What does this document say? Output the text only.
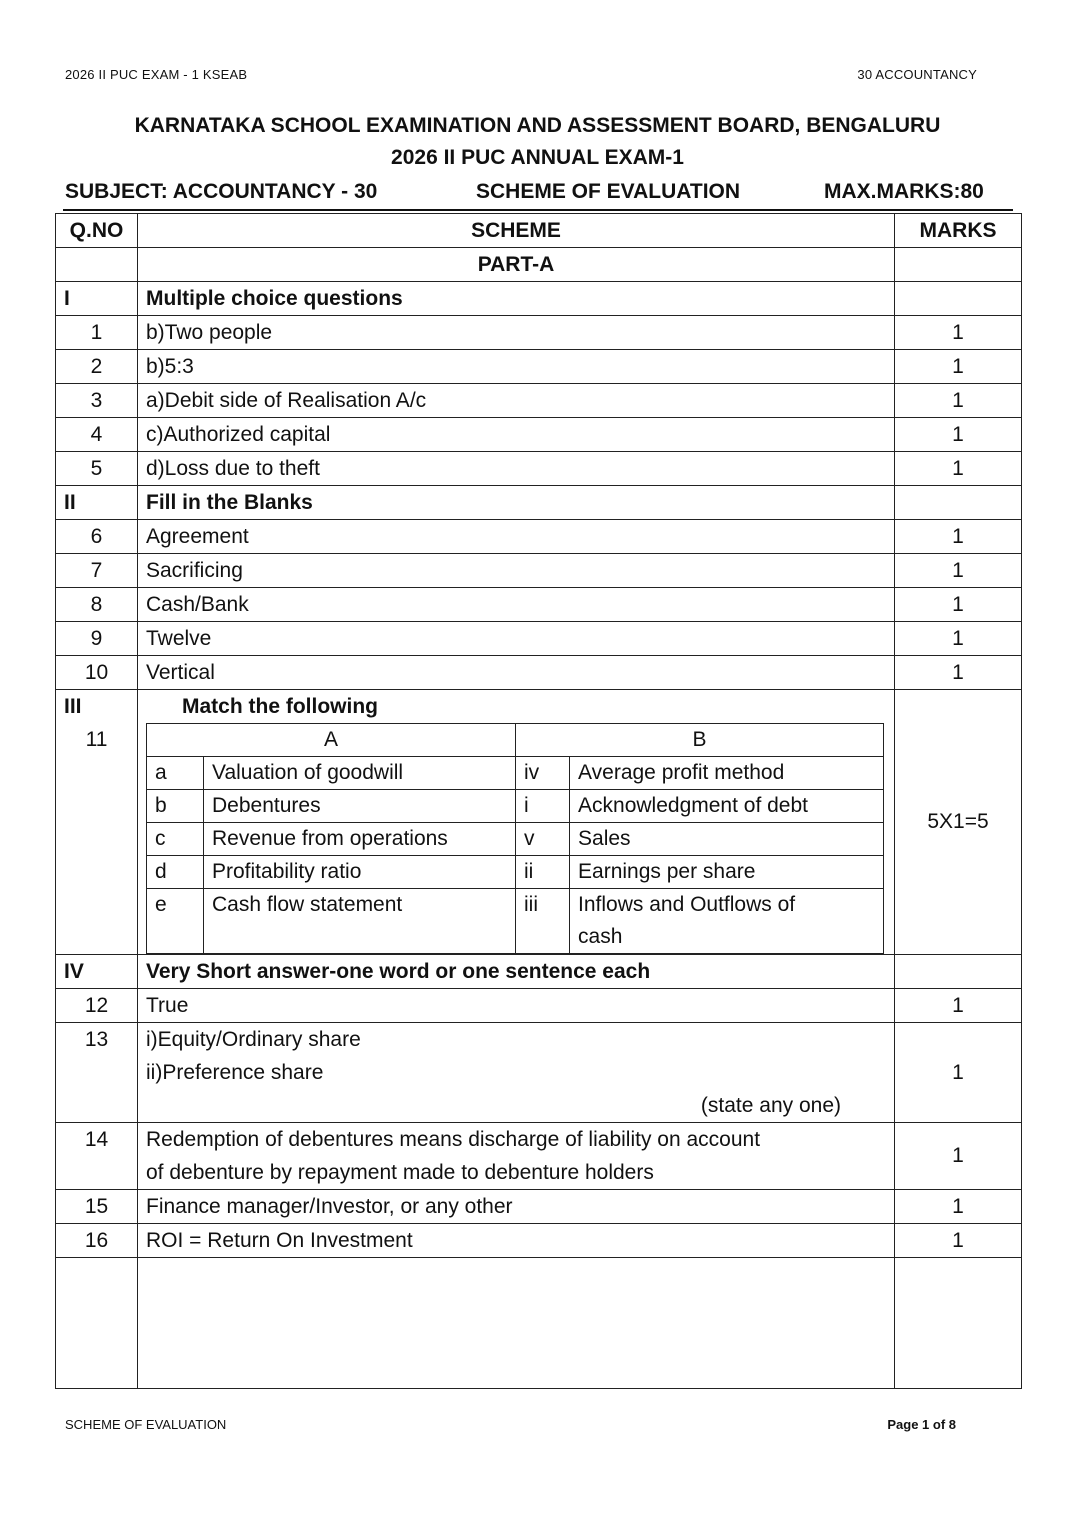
2026 II PUC EXAM - 1 KSEAB	30 ACCOUNTANCY
KARNATAKA SCHOOL EXAMINATION AND ASSESSMENT BOARD, BENGALURU
2026 II PUC ANNUAL EXAM-1
SUBJECT: ACCOUNTANCY - 30	SCHEME OF EVALUATION	MAX.MARKS:80
Q.NO	SCHEME	MARKS
	PART-A	
I	Multiple choice questions	
1	b)Two people	1
2	b)5:3	1
3	a)Debit side of Realisation A/c	1
4	c)Authorized capital	1
5	d)Loss due to theft	1
II	Fill in the Blanks	
6	Agreement	1
7	Sacrificing	1
8	Cash/Bank	1
9	Twelve	1
10	Vertical	1

III
11

Match the following
A	B
a	Valuation of goodwill	iv	Average profit method
b	Debentures	i	Acknowledgment of debt
c	Revenue from operations	v	Sales
d	Profitability ratio	ii	Earnings per share
e	Cash flow statement	iii	Inflows and Outflows of
cash
	5X1=5
IV	Very Short answer-one word or one sentence each	
12	True	1
13	i)Equity/Ordinary share
ii)Preference share
(state any one)
	1
14	Redemption of debentures means discharge of liability on account
of debenture by repayment made to debenture holders
	1
15	Finance manager/Investor, or any other	1
16	ROI = Return On Investment	1

SCHEME OF EVALUATION	Page 1 of 8
